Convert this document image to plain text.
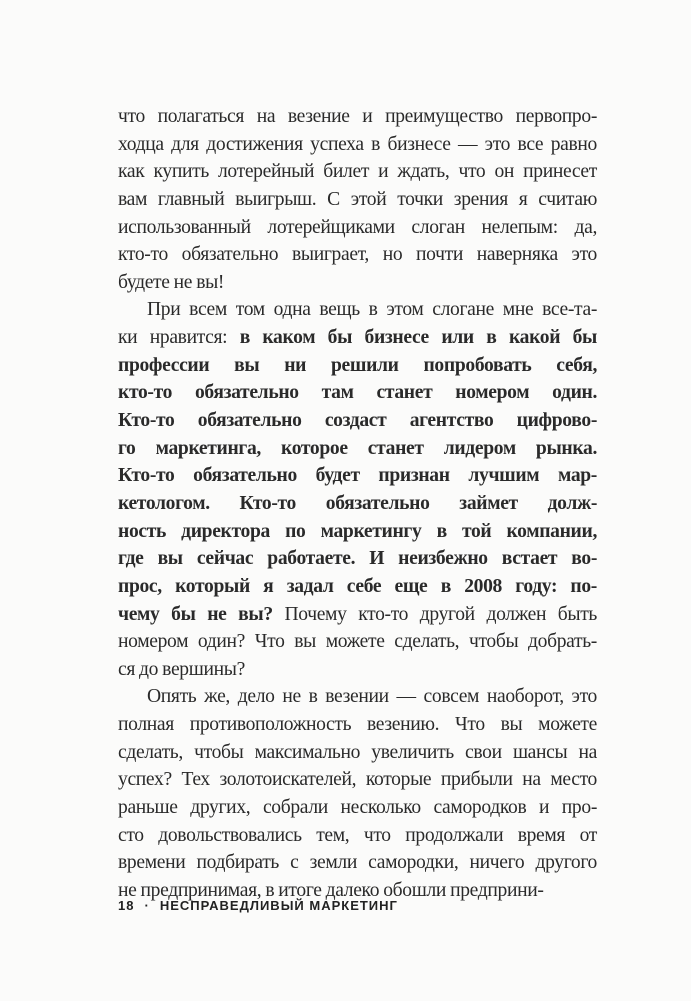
что полагаться на везение и преимущество первопро-
ходца для достижения успеха в бизнесе — это все равно
как купить лотерейный билет и ждать, что он принесет
вам главный выигрыш. С этой точки зрения я считаю
использованный лотерейщиками слоган нелепым: да,
кто-то обязательно выиграет, но почти наверняка это
будете не вы!
При всем том одна вещь в этом слогане мне все-та-
ки нравится: в каком бы бизнесе или в какой бы
профессии вы ни решили попробовать себя,
кто-то обязательно там станет номером один.
Кто-то обязательно создаст агентство цифрово-
го маркетинга, которое станет лидером рынка.
Кто-то обязательно будет признан лучшим мар-
кетологом. Кто-то обязательно займет долж-
ность директора по маркетингу в той компании,
где вы сейчас работаете. И неизбежно встает во-
прос, который я задал себе еще в 2008 году: по-
чему бы не вы? Почему кто-то другой должен быть
номером один? Что вы можете сделать, чтобы добрать-
ся до вершины?
Опять же, дело не в везении — совсем наоборот, это
полная противоположность везению. Что вы можете
сделать, чтобы максимально увеличить свои шансы на
успех? Тех золотоискателей, которые прибыли на место
раньше других, собрали несколько самородков и про-
сто довольствовались тем, что продолжали время от
времени подбирать с земли самородки, ничего другого
не предпринимая, в итоге далеко обошли предприни-
18 · НЕСПРАВЕДЛИВЫЙ МАРКЕТИНГ
